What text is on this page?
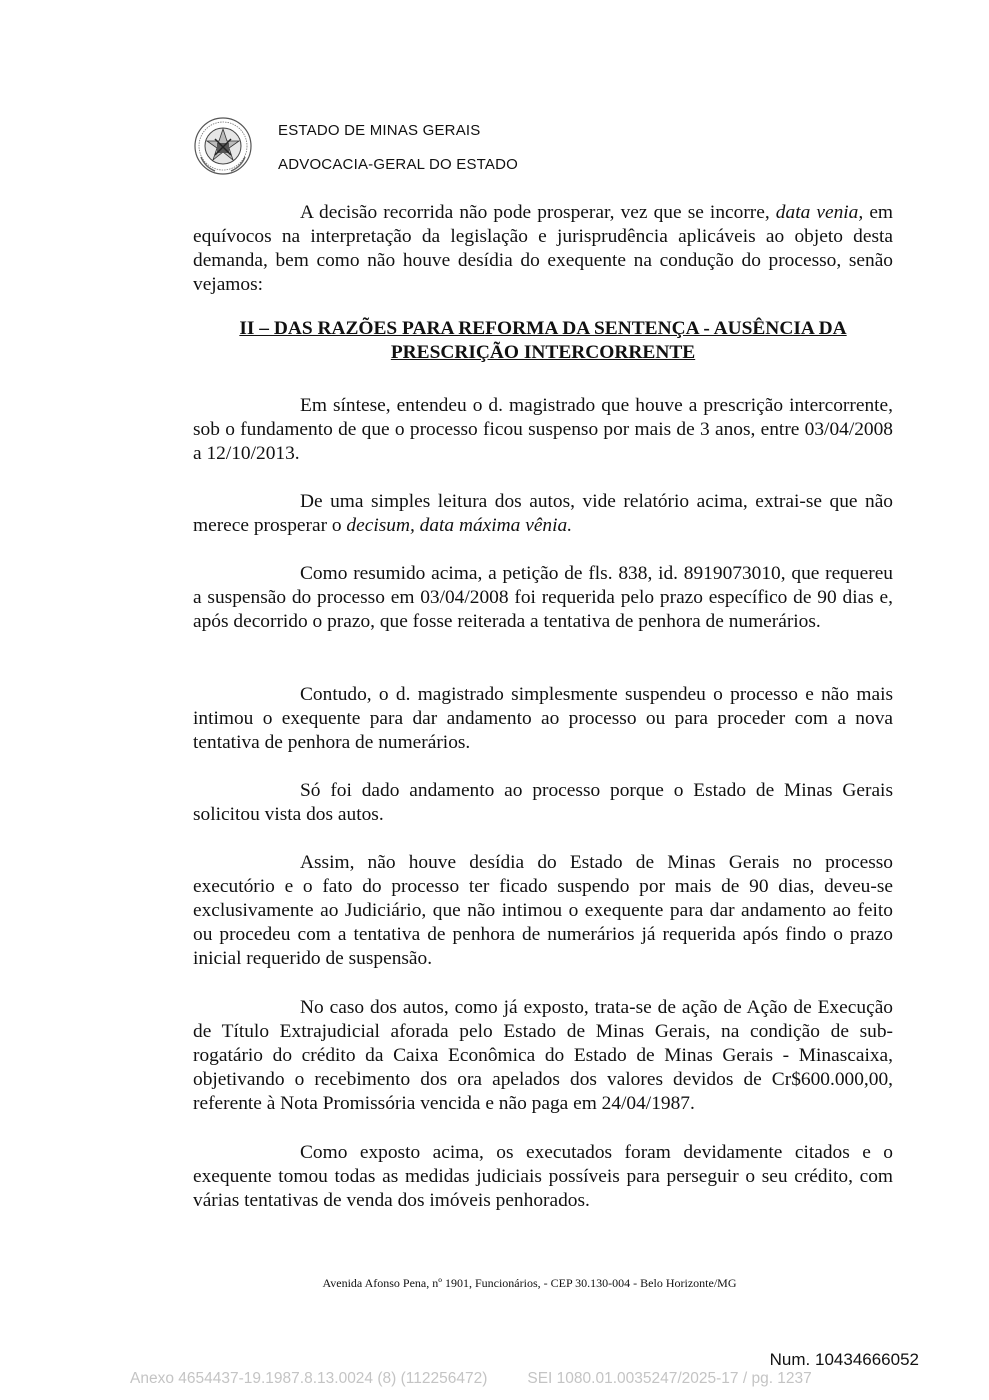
ESTADO DE MINAS GERAIS
ADVOCACIA-GERAL DO ESTADO

A decisão recorrida não pode prosperar, vez que se incorre, data venia, em equívocos na interpretação da legislação e jurisprudência aplicáveis ao objeto desta demanda, bem como não houve desídia do exequente na condução do processo, senão vejamos:

II – DAS RAZÕES PARA REFORMA DA SENTENÇA - AUSÊNCIA DA
PRESCRIÇÃO INTERCORRENTE

Em síntese, entendeu o d. magistrado que houve a prescrição intercorrente, sob o fundamento de que o processo ficou suspenso por mais de 3 anos, entre 03/04/2008 a 12/10/2013.

De uma simples leitura dos autos, vide relatório acima, extrai-se que não merece prosperar o decisum, data máxima vênia.

Como resumido acima, a petição de fls. 838, id. 8919073010, que requereu a suspensão do processo em 03/04/2008 foi requerida pelo prazo específico de 90 dias e, após decorrido o prazo, que fosse reiterada a tentativa de penhora de numerários.

Contudo, o d. magistrado simplesmente suspendeu o processo e não mais intimou o exequente para dar andamento ao processo ou para proceder com a nova tentativa de penhora de numerários.

Só foi dado andamento ao processo porque o Estado de Minas Gerais solicitou vista dos autos.

Assim, não houve desídia do Estado de Minas Gerais no processo executório e o fato do processo ter ficado suspendo por mais de 90 dias, deveu-se exclusivamente ao Judiciário, que não intimou o exequente para dar andamento ao feito ou procedeu com a tentativa de penhora de numerários já requerida após findo o prazo inicial requerido de suspensão.

No caso dos autos, como já exposto, trata-se de ação de Ação de Execução de Título Extrajudicial aforada pelo Estado de Minas Gerais, na condição de sub-rogatário do crédito da Caixa Econômica do Estado de Minas Gerais - Minascaixa, objetivando o recebimento dos ora apelados dos valores devidos de Cr$600.000,00, referente à Nota Promissória vencida e não paga em 24/04/1987.

Como exposto acima, os executados foram devidamente citados e o exequente tomou todas as medidas judiciais possíveis para perseguir o seu crédito, com várias tentativas de venda dos imóveis penhorados.

Avenida Afonso Pena, nº 1901, Funcionários, - CEP 30.130-004 - Belo Horizonte/MG
Num. 10434666052
Anexo 4654437-19.1987.8.13.0024 (8) (112256472)	SEI 1080.01.0035247/2025-17 / pg. 1237
